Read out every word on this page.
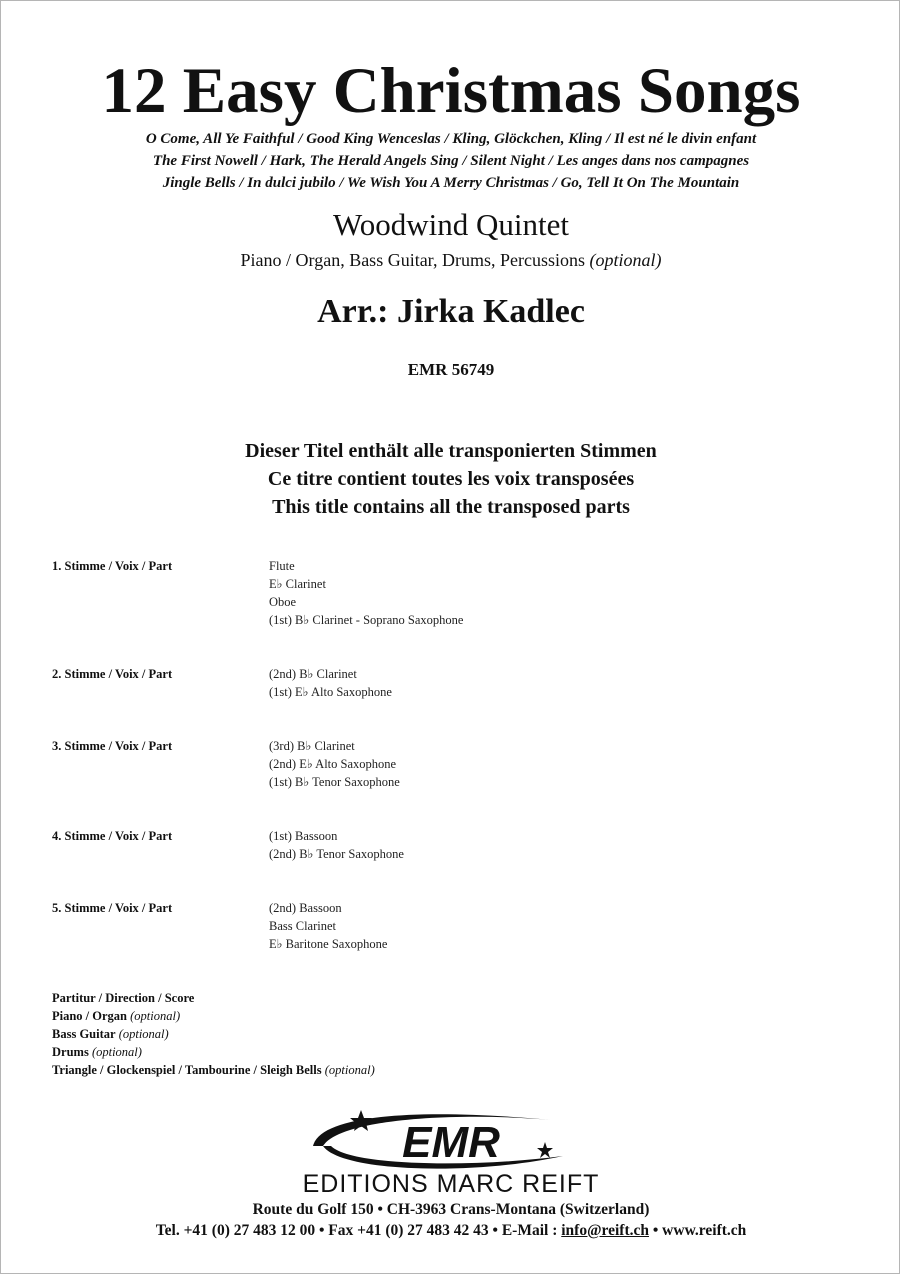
12 Easy Christmas Songs
O Come, All Ye Faithful / Good King Wenceslas / Kling, Glöckchen, Kling / Il est né le divin enfant
The First Nowell / Hark, The Herald Angels Sing / Silent Night / Les anges dans nos campagnes
Jingle Bells / In dulci jubilo / We Wish You A Merry Christmas / Go, Tell It On The Mountain
Woodwind Quintet
Piano / Organ, Bass Guitar, Drums, Percussions (optional)
Arr.: Jirka Kadlec
EMR 56749
Dieser Titel enthält alle transponierten Stimmen
Ce titre contient toutes les voix transposées
This title contains all the transposed parts
1. Stimme / Voix / Part	Flute
E♭ Clarinet
Oboe
(1st) B♭ Clarinet - Soprano Saxophone
2. Stimme / Voix / Part	(2nd) B♭ Clarinet
(1st) E♭ Alto Saxophone
3. Stimme / Voix / Part	(3rd) B♭ Clarinet
(2nd) E♭ Alto Saxophone
(1st) B♭ Tenor Saxophone
4. Stimme / Voix / Part	(1st) Bassoon
(2nd) B♭ Tenor Saxophone
5. Stimme / Voix / Part	(2nd) Bassoon
Bass Clarinet
E♭ Baritone Saxophone
Partitur / Direction / Score
Piano / Organ (optional)
Bass Guitar (optional)
Drums (optional)
Triangle / Glockenspiel / Tambourine / Sleigh Bells (optional)
EMR
EDITIONS MARC REIFT
Route du Golf 150 • CH-3963 Crans-Montana (Switzerland)
Tel. +41 (0) 27 483 12 00 • Fax +41 (0) 27 483 42 43 • E-Mail : info@reift.ch • www.reift.ch
